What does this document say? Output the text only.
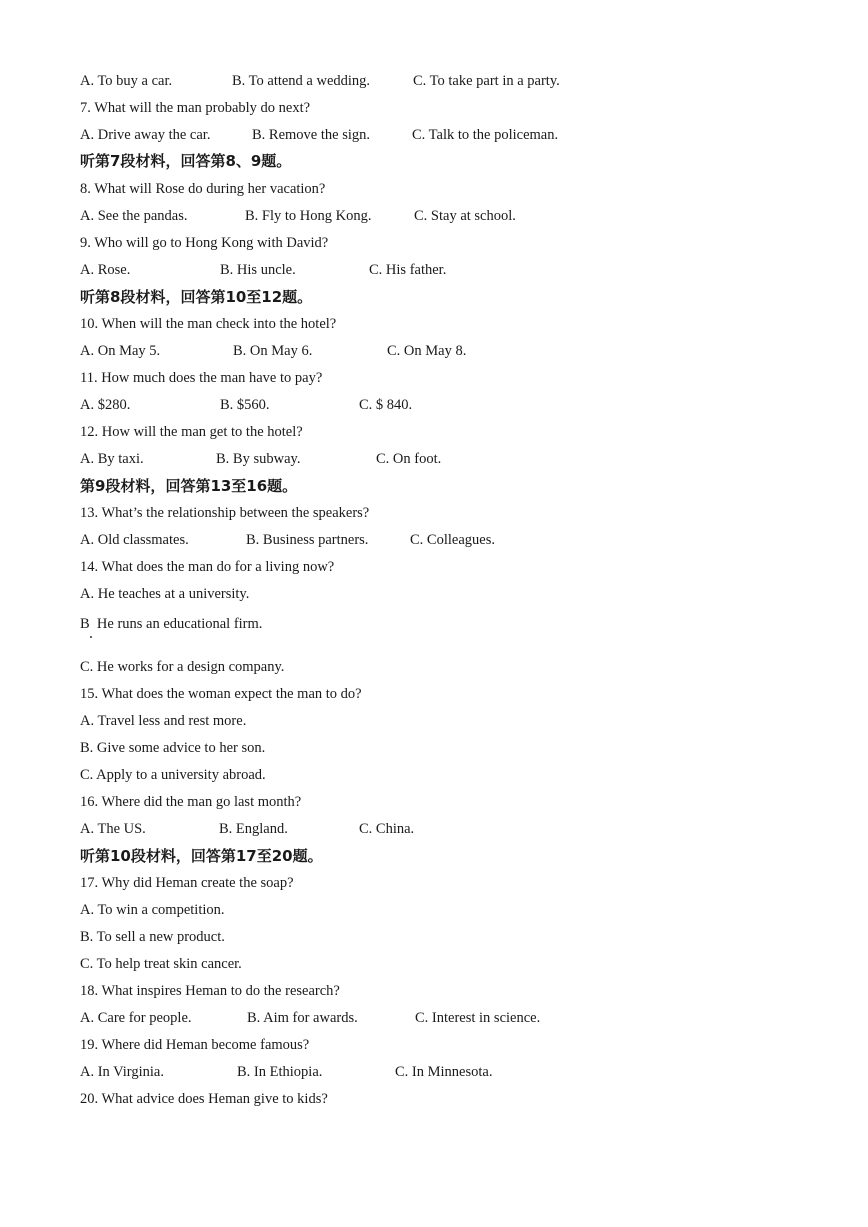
A. To buy a car.	B. To attend a wedding.	C. To take part in a party.
7. What will the man probably do next?
A. Drive away the car.	B. Remove the sign.	C. Talk to the policeman.
听第7段材料，回答第8、9题。
8. What will Rose do during her vacation?
A. See the pandas.	B. Fly to Hong Kong.	C. Stay at school.
9. Who will go to Hong Kong with David?
A. Rose.	B. His uncle.	C. His father.
听第8段材料，回答第10至12题。
10. When will the man check into the hotel?
A. On May 5.	B. On May 6.	C. On May 8.
11. How much does the man have to pay?
A. $280.	B. $560.	C. $ 840.
12. How will the man get to the hotel?
A. By taxi.	B. By subway.	C. On foot.
第9段材料，回答第13至16题。
13. What’s the relationship between the speakers?
A. Old classmates.	B. Business partners.	C. Colleagues.
14. What does the man do for a living now?
A. He teaches at a university.
B  He runs an educational firm.
C. He works for a design company.
15. What does the woman expect the man to do?
A. Travel less and rest more.
B. Give some advice to her son.
C. Apply to a university abroad.
16. Where did the man go last month?
A. The US.	B. England.	C. China.
听第10段材料，回答第17至20题。
17. Why did Heman create the soap?
A. To win a competition.
B. To sell a new product.
C. To help treat skin cancer.
18. What inspires Heman to do the research?
A. Care for people.	B. Aim for awards.	C. Interest in science.
19. Where did Heman become famous?
A. In Virginia.	B. In Ethiopia.	C. In Minnesota.
20. What advice does Heman give to kids?
